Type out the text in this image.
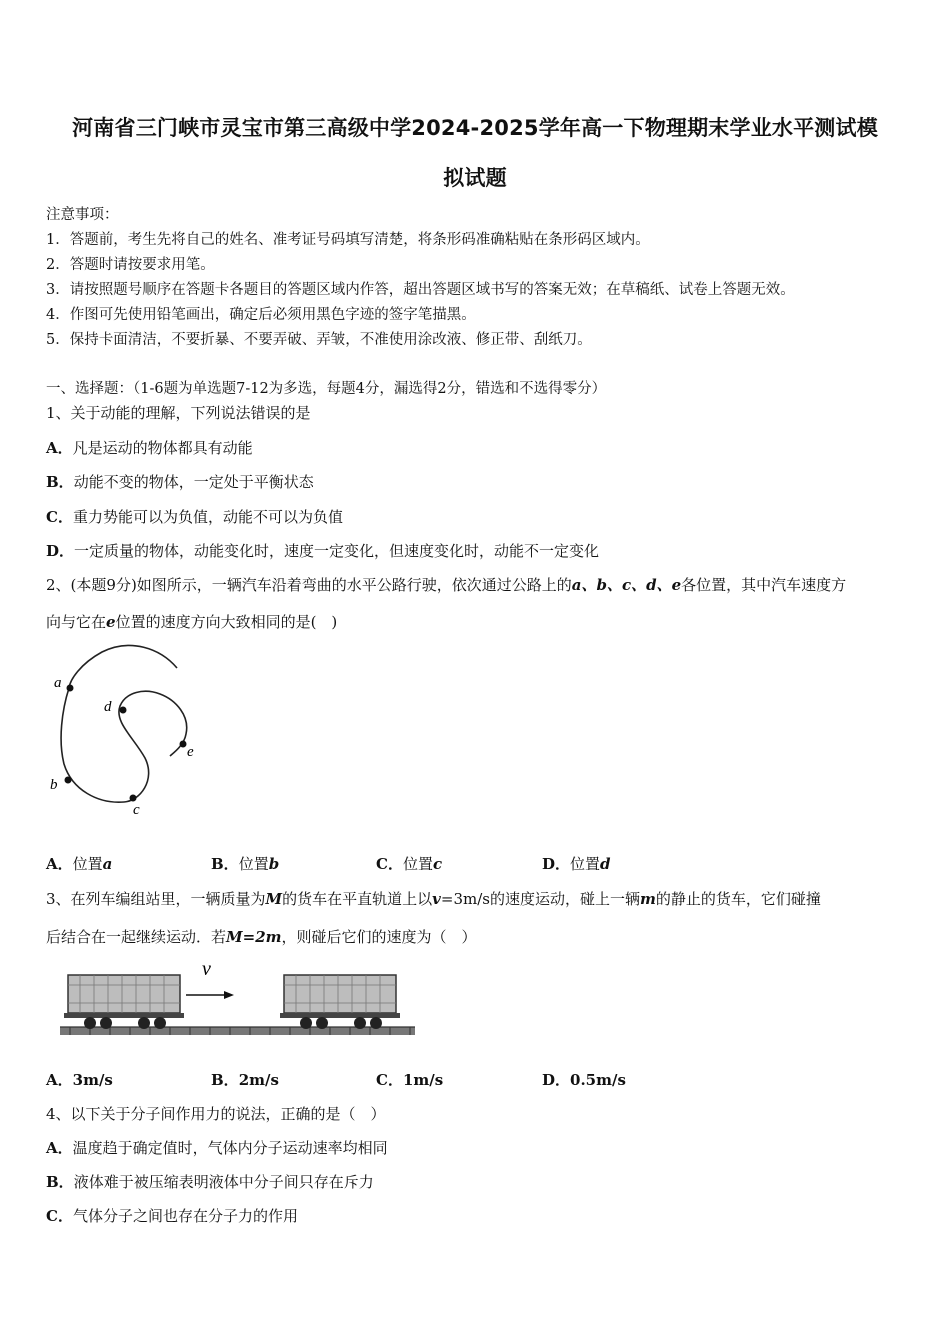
河南省三门峡市灵宝市第三高级中学2024-2025学年高一下物理期末学业水平测试模
拟试题
注意事项：
1．答题前，考生先将自己的姓名、准考证号码填写清楚，将条形码准确粘贴在条形码区域内。
2．答题时请按要求用笔。
3．请按照题号顺序在答题卡各题目的答题区域内作答，超出答题区域书写的答案无效；在草稿纸、试卷上答题无效。
4．作图可先使用铅笔画出，确定后必须用黑色字迹的签字笔描黑。
5．保持卡面清洁，不要折暴、不要弄破、弄皱，不准使用涂改液、修正带、刮纸刀。
一、选择题：（1-6题为单选题7-12为多选，每题4分，漏选得2分，错选和不选得零分）
1、关于动能的理解，下列说法错误的是
A．凡是运动的物体都具有动能
B．动能不变的物体，一定处于平衡状态
C．重力势能可以为负值，动能不可以为负值
D．一定质量的物体，动能变化时，速度一定变化，但速度变化时，动能不一定变化
2、(本题9分)如图所示，一辆汽车沿着弯曲的水平公路行驶，依次通过公路上的a、b、c、d、e各位置，其中汽车速度方
向与它在e位置的速度方向大致相同的是(　)
a
b
c
d
e
A．位置a	B．位置b	C．位置c	D．位置d
3、在列车编组站里，一辆质量为M的货车在平直轨道上以v=3m/s的速度运动，碰上一辆m的静止的货车，它们碰撞
后结合在一起继续运动．若M=2m，则碰后它们的速度为（　）
v
A．3m/s	B．2m/s	C．1m/s	D．0.5m/s
4、以下关于分子间作用力的说法，正确的是（　）
A．温度趋于确定值时，气体内分子运动速率均相同
B．液体难于被压缩表明液体中分子间只存在斥力
C．气体分子之间也存在分子力的作用
